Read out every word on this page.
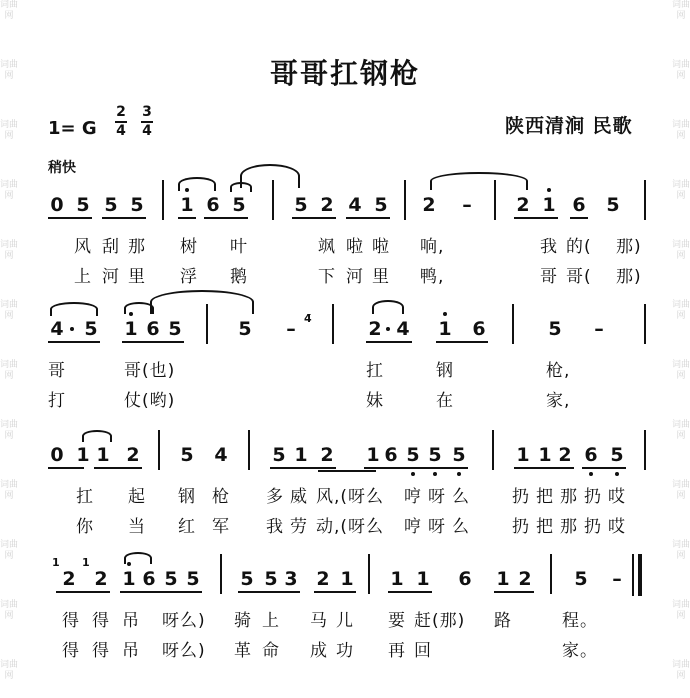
词曲网
词曲网
词曲网
词曲网
词曲网
词曲网
词曲网
词曲网
词曲网
词曲网
词曲网
词曲网
词曲网
词曲网
词曲网
词曲网
词曲网
词曲网
词曲网
词曲网
词曲网
词曲网
词曲网
词曲网
哥哥扛钢枪
1= G
2
4
3
4	陕西清涧 民歌
稍快
0 5 5 5 1 6 5	5 2 4 5 2 – 2 1 6 5
风 刮 那 树 叶	飒 啦 啦 响,	我 的( 那)
上 河 里 浮 鹅	下 河 里 鸭,	哥 哥( 那)
4 5 1 6 5	5 – 4̄	2 4 1 6	5 –
哥	哥(也)	扛	钢	枪,
打	仗(哟)	妹	在	家,
0 1 1 2 5 4 5 1 2 1 6 5 5 5	1 1 2 6 5
扛 起 钢 枪 多 威 风,(呀么 哼 呀 么 扔 把 那 扔 哎
你 当 红 军 我 劳 动,(呀么 哼 呀 么 扔 把 那 扔 哎
1
2
1
2 1 6 5 5 5 5 3 2 1 1 1 6 1 2 5 –
得 得 吊 呀么) 骑 上 马 儿 要 赶(那) 路	程。
得 得 吊 呀么) 革 命 成 功 再 回	家。
